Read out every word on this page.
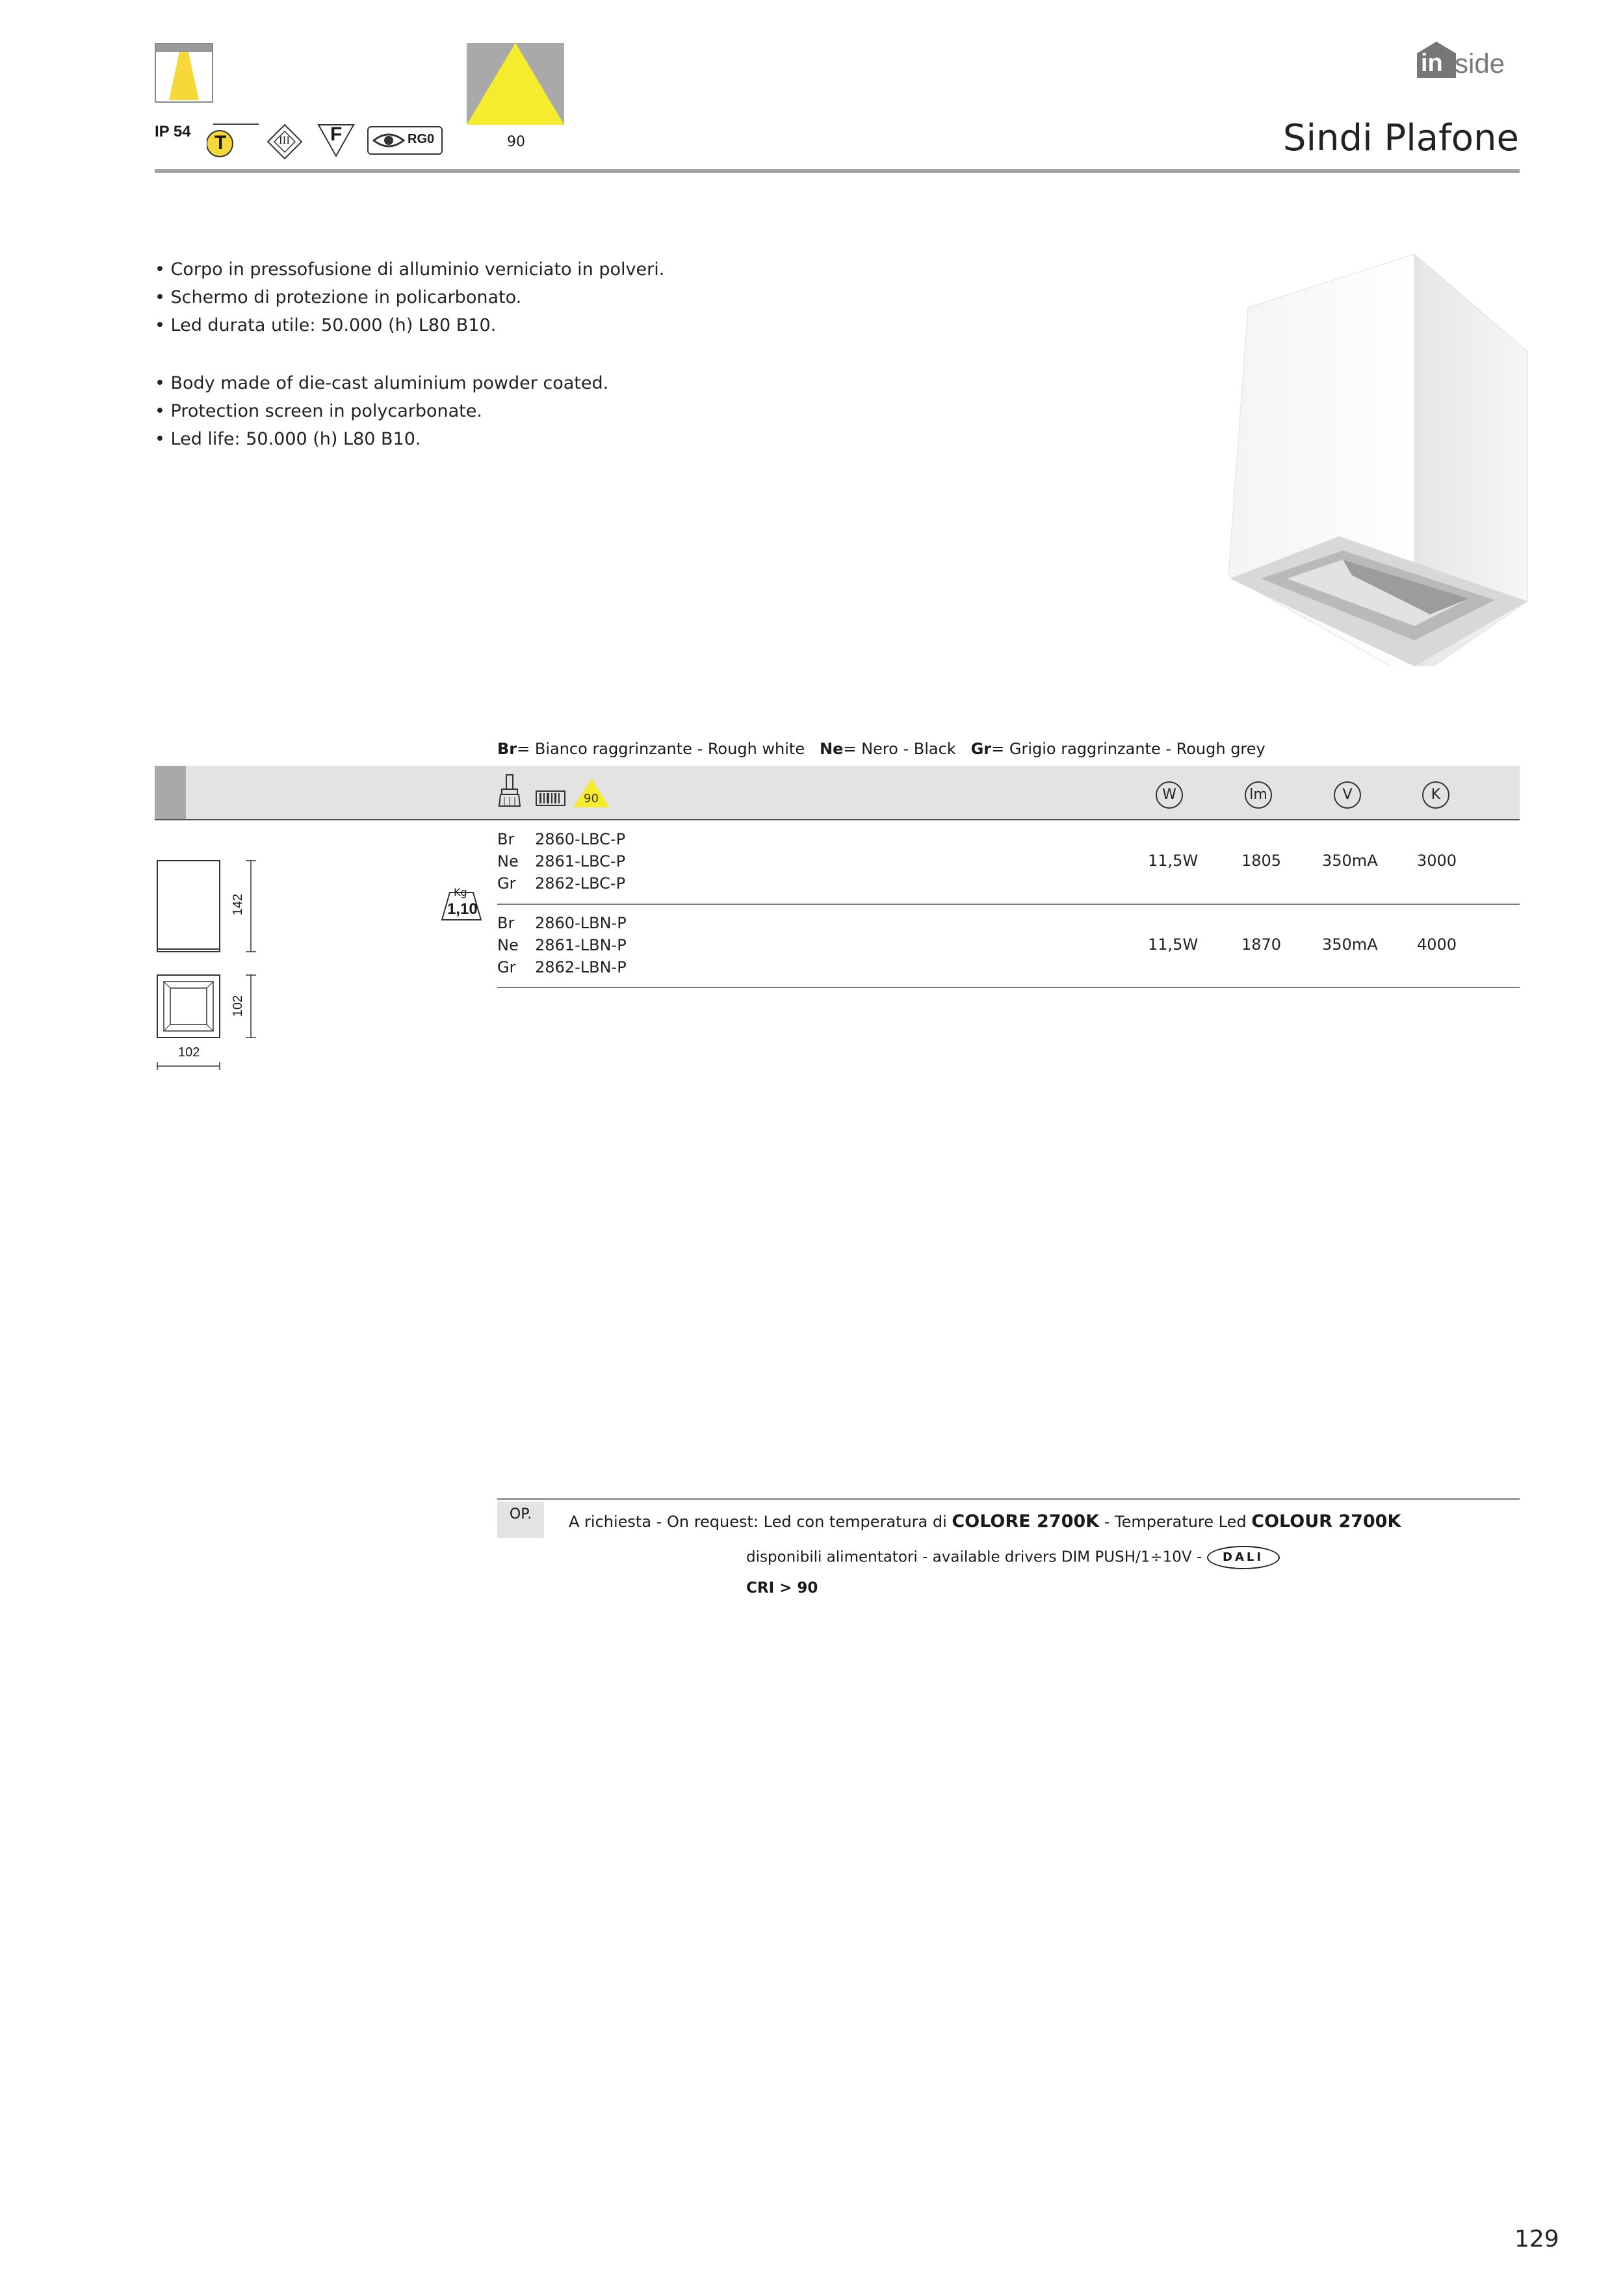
IP 54
T	III F	RG0	90
in side
Sindi Plafone
• Corpo in pressofusione di alluminio verniciato in polveri.
• Schermo di protezione in policarbonato.
• Led durata utile: 50.000 (h) L80 B10.
• Body made of die-cast aluminium powder coated.
• Protection screen in polycarbonate.
• Led life: 50.000 (h) L80 B10.
Br= Bianco raggrinzante - Rough white Ne= Nero - Black Gr= Grigio raggrinzante - Rough grey
90	W	lm	V	K
Br 2860-LBC-P
Ne 2861-LBC-P
Gr 2862-LBC-P
11,5W	1805	350mA	3000
Br 2860-LBN-P
Ne 2861-LBN-P
Gr 2862-LBN-P
11,5W	1870	350mA	4000
142
102
102
Kg
1,10
OP.	A richiesta - On request: Led con temperatura di COLORE 2700K - Temperature Led COLOUR 2700K
disponibili alimentatori - available drivers DIM PUSH/1÷10V - DALI
CRI > 90
129
